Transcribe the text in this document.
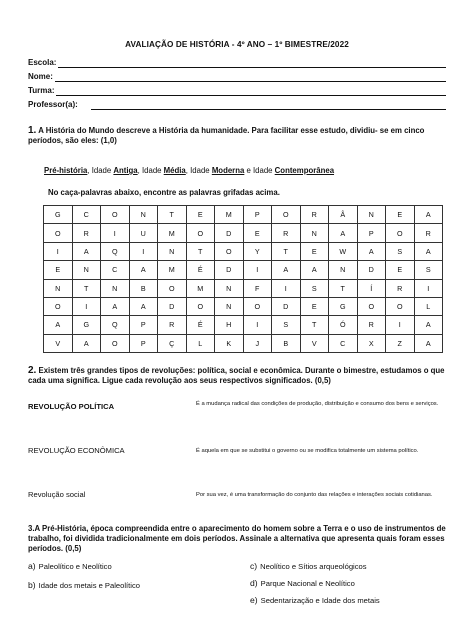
AVALIAÇÃO DE HISTÓRIA - 4º ANO – 1º BIMESTRE/2022
Escola:
Nome:
Turma:
Professor(a):
1. A História do Mundo descreve a História da humanidade. Para facilitar esse estudo, dividiu- se em cinco períodos, são eles: (1,0)
Pré-história, Idade Antiga, Idade Média, Idade Moderna e Idade Contemporânea
No caça-palavras abaixo, encontre as palavras grifadas acima.
G	C	O	N	T	E	M	P	O	R	Â	N	E	A
O	R	I	U	M	O	D	E	R	N	A	P	O	R
I	A	Q	I	N	T	O	Y	T	E	W	A	S	A
E	N	C	A	M	É	D	I	A	A	N	D	E	S
N	T	N	B	O	M	N	F	I	S	T	Í	R	I
O	I	A	A	D	O	N	O	D	E	G	O	O	L
A	G	Q	P	R	É	H	I	S	T	Ó	R	I	A
V	A	O	P	Ç	L	K	J	B	V	C	X	Z	A
2. Existem três grandes tipos de revoluções: política, social e econômica. Durante o bimestre, estudamos o que cada uma significa. Ligue cada revolução aos seus respectivos significados. (0,5)
REVOLUÇÃO POLÍTICA	É a mudança radical das condições de produção, distribuição e consumo dos bens e serviços.
REVOLUÇÃO ECONÔMICA	É aquela em que se substitui o governo ou se modifica totalmente um sistema político.
Revolução social	Por sua vez, é uma transformação do conjunto das relações e interações sociais cotidianas.
3.A Pré-História, época compreendida entre o aparecimento do homem sobre a Terra e o uso de instrumentos de trabalho, foi dividida tradicionalmente em dois períodos. Assinale a alternativa que apresenta quais foram esses períodos. (0,5)
a) Paleolítico e Neolítico
b) Idade dos metais e Paleolítico
c) Neolítico e Sítios arqueológicos
d) Parque Nacional e Neolítico
e) Sedentarização e Idade dos metais
